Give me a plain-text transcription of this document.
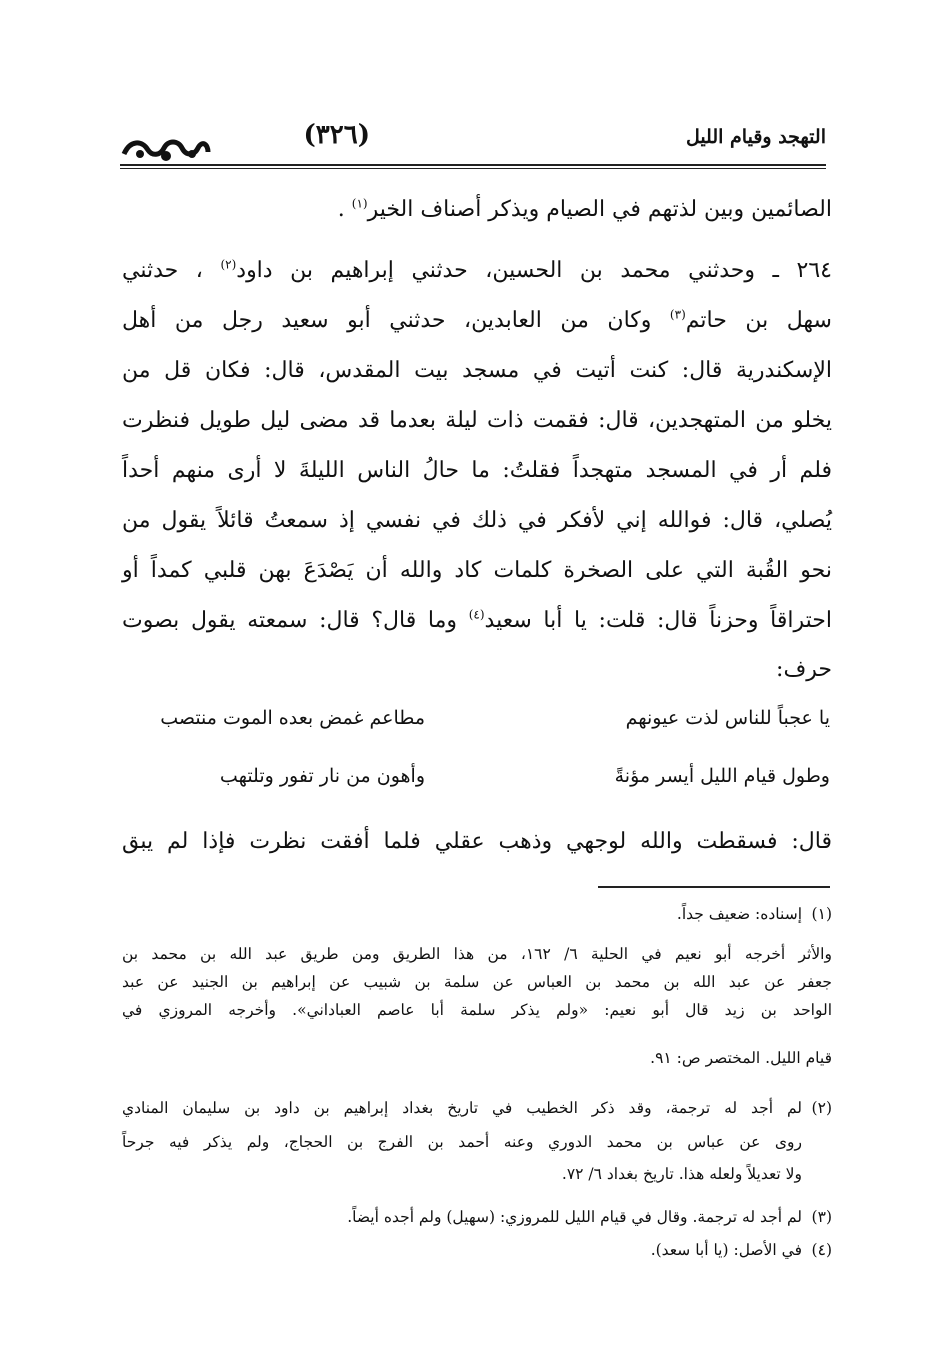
التهجد وقيام الليل
(٣٢٦)
الصائمين وبين لذتهم في الصيام ويذكر أصناف الخير$^{(١)}$ .
٢٦٤ ـ وحدثني محمد بن الحسين، حدثني إبراهيم بن داود$^{(٢)}$ ، حدثني
سهل بن حاتم$^{(٣)}$ وكان من العابدين، حدثني أبو سعيد رجل من أهل
الإسكندرية قال: كنت أتيت في مسجد بيت المقدس، قال: فكان قل من
يخلو من المتهجدين، قال: فقمت ذات ليلة بعدما قد مضى ليل طويل فنظرت
فلم أر في المسجد متهجداً فقلتُ: ما حالُ الناس الليلةَ لا أرى منهم أحداً
يُصلي، قال: فوالله إني لأفكر في ذلك في نفسي إذ سمعتُ قائلاً يقول من
نحو القُبة التي على الصخرة كلمات كاد والله أن يَصْدَعَ بهن قلبي كمداً أو
احتراقاً وحزناً قال: قلت: يا أبا سعيد$^{(٤)}$ وما قال؟ قال: سمعته يقول بصوت
حرف:
يا عجباً للناس لذت عيونهم
مطاعم غمض بعده الموت منتصب
وطول قيام الليل أيسر مؤنةً
وأهون من نار تفور وتلتهب
قال: فسقطت والله لوجهي وذهب عقلي فلما أفقت نظرت فإذا لم يبق
(١)إسناده: ضعيف جداً.
والأثر أخرجه أبو نعيم في الحلية ٦/ ١٦٢، من هذا الطريق ومن طريق عبد الله بن محمد بن
جعفر عن عبد الله بن محمد بن العباس عن سلمة بن شبيب عن إبراهيم بن الجنيد عن عبد
الواحد بن زيد قال أبو نعيم: «ولم يذكر سلمة أبا عاصم العباداني». وأخرجه المروزي في
قيام الليل. المختصر ص: ٩١.
(٢)لم أجد له ترجمة، وقد ذكر الخطيب في تاريخ بغداد إبراهيم بن داود بن سليمان المنادي
روى عن عباس بن محمد الدوري وعنه أحمد بن الفرج بن الحجاج، ولم يذكر فيه جرحاً
ولا تعديلاً ولعله هذا. تاريخ بغداد ٦/ ٧٢.
(٣)لم أجد له ترجمة. وقال في قيام الليل للمروزي: (سهيل) ولم أجده أيضاً.
(٤)في الأصل: (يا أبا سعد).
